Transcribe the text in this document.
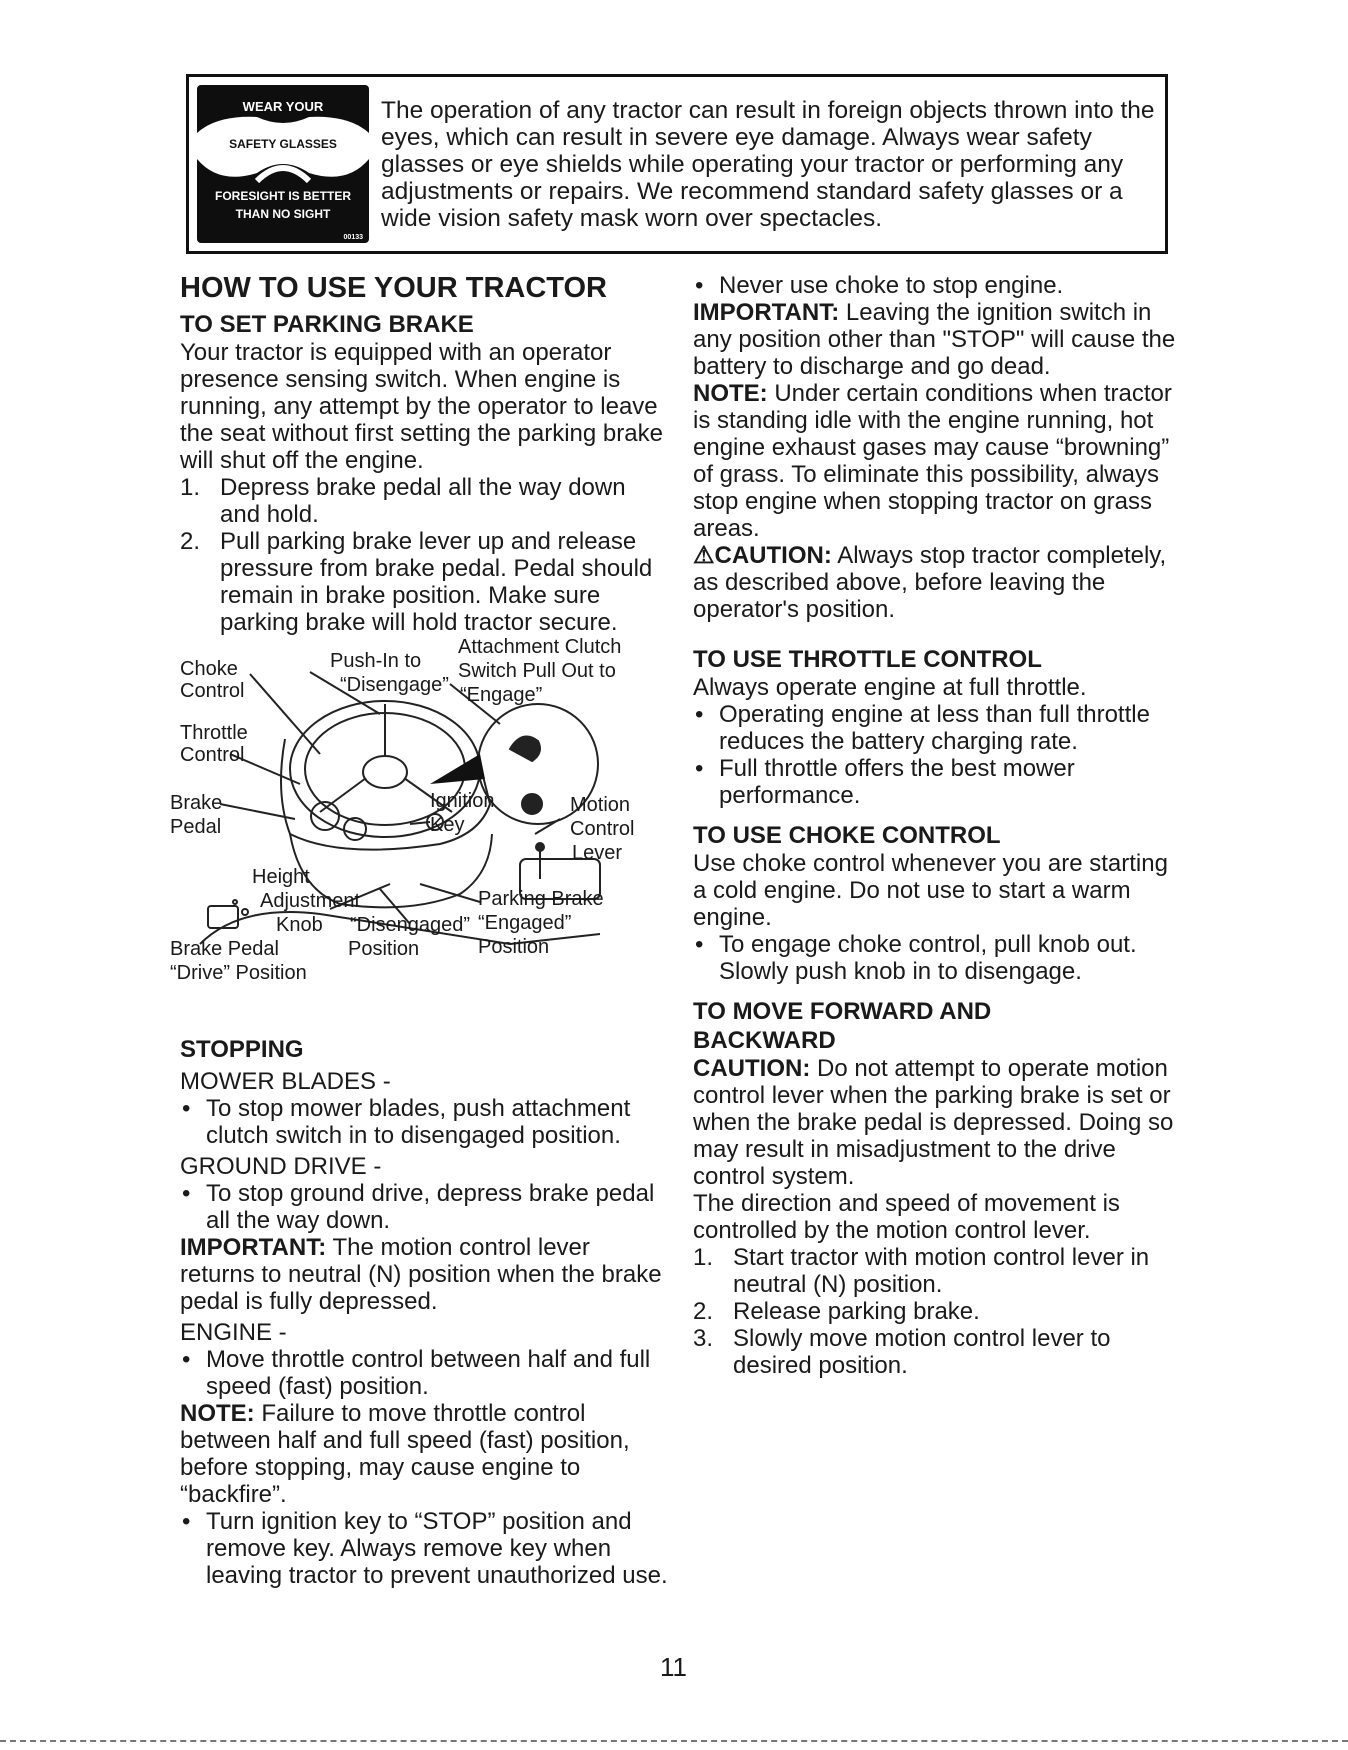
WEAR YOUR
SAFETY GLASSES
FORESIGHT IS BETTER
THAN NO SIGHT
00133
The operation of any tractor can result in foreign objects thrown into the eyes, which can result in severe eye damage. Always wear safety glasses or eye shields while operating your tractor or performing any adjustments or repairs. We recommend standard safety glasses or a wide vision safety mask worn over spectacles.
HOW TO USE YOUR TRACTOR
TO SET PARKING BRAKE

Your tractor is equipped with an operator presence sensing switch. When engine is running, any attempt by the operator to leave the seat without first setting the parking brake will shut off the engine.

1. Depress brake pedal all the way down and hold.
2. Pull parking brake lever up and release pressure from brake pedal. Pedal should remain in brake position. Make sure parking brake will hold tractor secure.
Choke
Control
Push-In to
“Disengage”
Attachment Clutch
Switch Pull Out to
“Engage”
Throttle
Control
Brake
Pedal
Ignition
Key
Motion
Control
Lever
Height
Adjustment
Knob “Disengaged”
Position
Parking Brake
“Engaged”
Position
Brake Pedal
“Drive” Position
STOPPING

MOWER BLADES -

• To stop mower blades, push attachment clutch switch in to disengaged position.

GROUND DRIVE -

• To stop ground drive, depress brake pedal all the way down.

IMPORTANT: The motion control lever returns to neutral (N) position when the brake pedal is fully depressed.

ENGINE -

• Move throttle control between half and full speed (fast) position.

NOTE: Failure to move throttle control between half and full speed (fast) position, before stopping, may cause engine to “backfire”.

• Turn ignition key to “STOP” position and remove key. Always remove key when leaving tractor to prevent unauthorized use.
• Never use choke to stop engine.

IMPORTANT: Leaving the ignition switch in any position other than "STOP" will cause the battery to discharge and go dead.

NOTE: Under certain conditions when tractor is standing idle with the engine running, hot engine exhaust gases may cause “browning” of grass. To eliminate this possibility, always stop engine when stopping tractor on grass areas.

⚠CAUTION: Always stop tractor completely, as described above, before leaving the operator's position.

TO USE THROTTLE CONTROL

Always operate engine at full throttle.

• Operating engine at less than full throttle reduces the battery charging rate.
• Full throttle offers the best mower performance.
TO USE CHOKE CONTROL

Use choke control whenever you are starting a cold engine. Do not use to start a warm engine.

• To engage choke control, pull knob out. Slowly push knob in to disengage.
TO MOVE FORWARD AND
BACKWARD

CAUTION: Do not attempt to operate motion control lever when the parking brake is set or when the brake pedal is depressed. Doing so may result in misadjustment to the drive control system.

The direction and speed of movement is controlled by the motion control lever.

1. Start tractor with motion control lever in neutral (N) position.
2. Release parking brake.
3. Slowly move motion control lever to desired position.
11
